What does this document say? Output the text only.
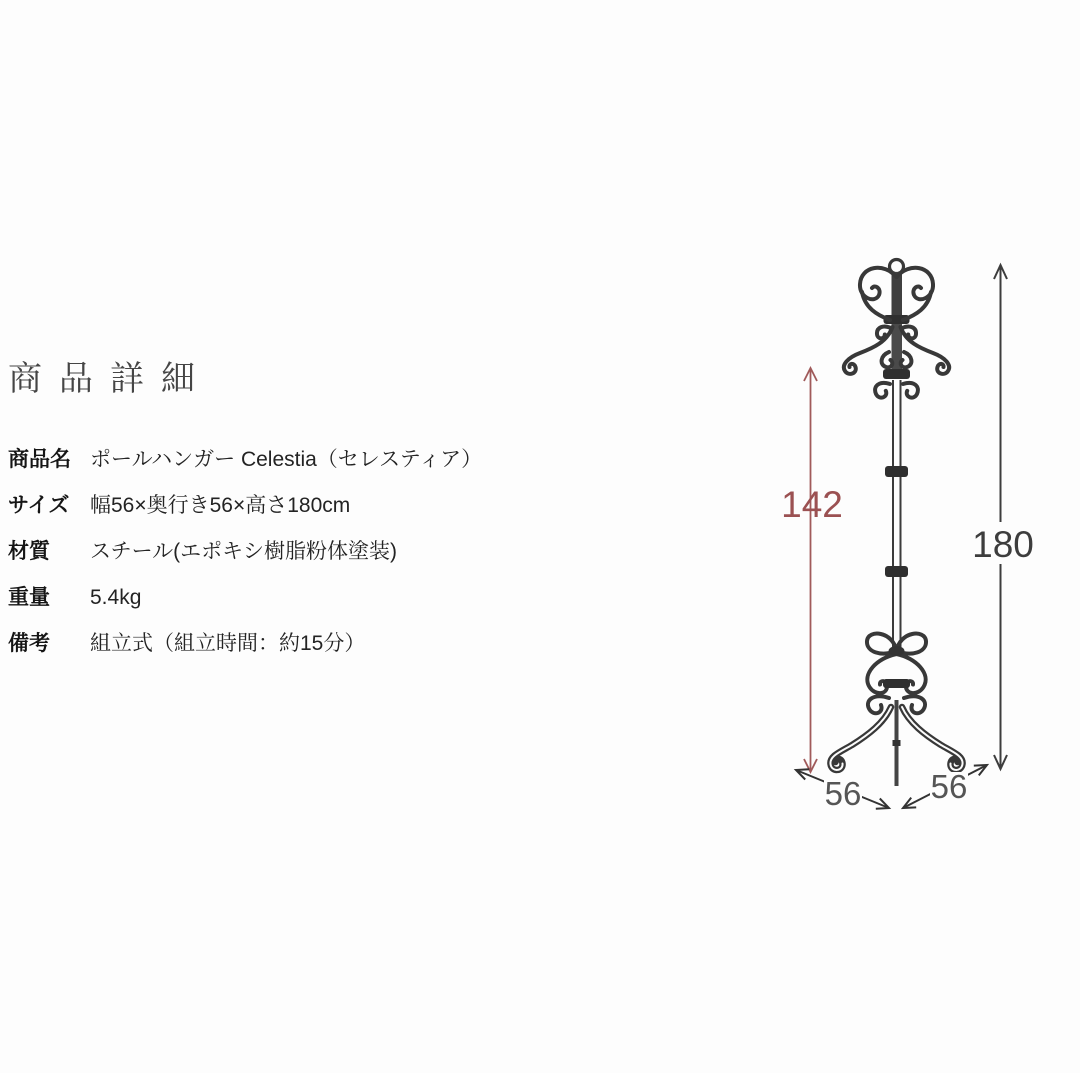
商品詳細
商品名 ポールハンガー Celestia（セレスティア）
サイズ 幅56×奥行き56×高さ180cm
材質	スチール(エポキシ樹脂粉体塗装)
重量	5.4kg
備考	組立式（組立時間：約15分）
142
180
56 56
